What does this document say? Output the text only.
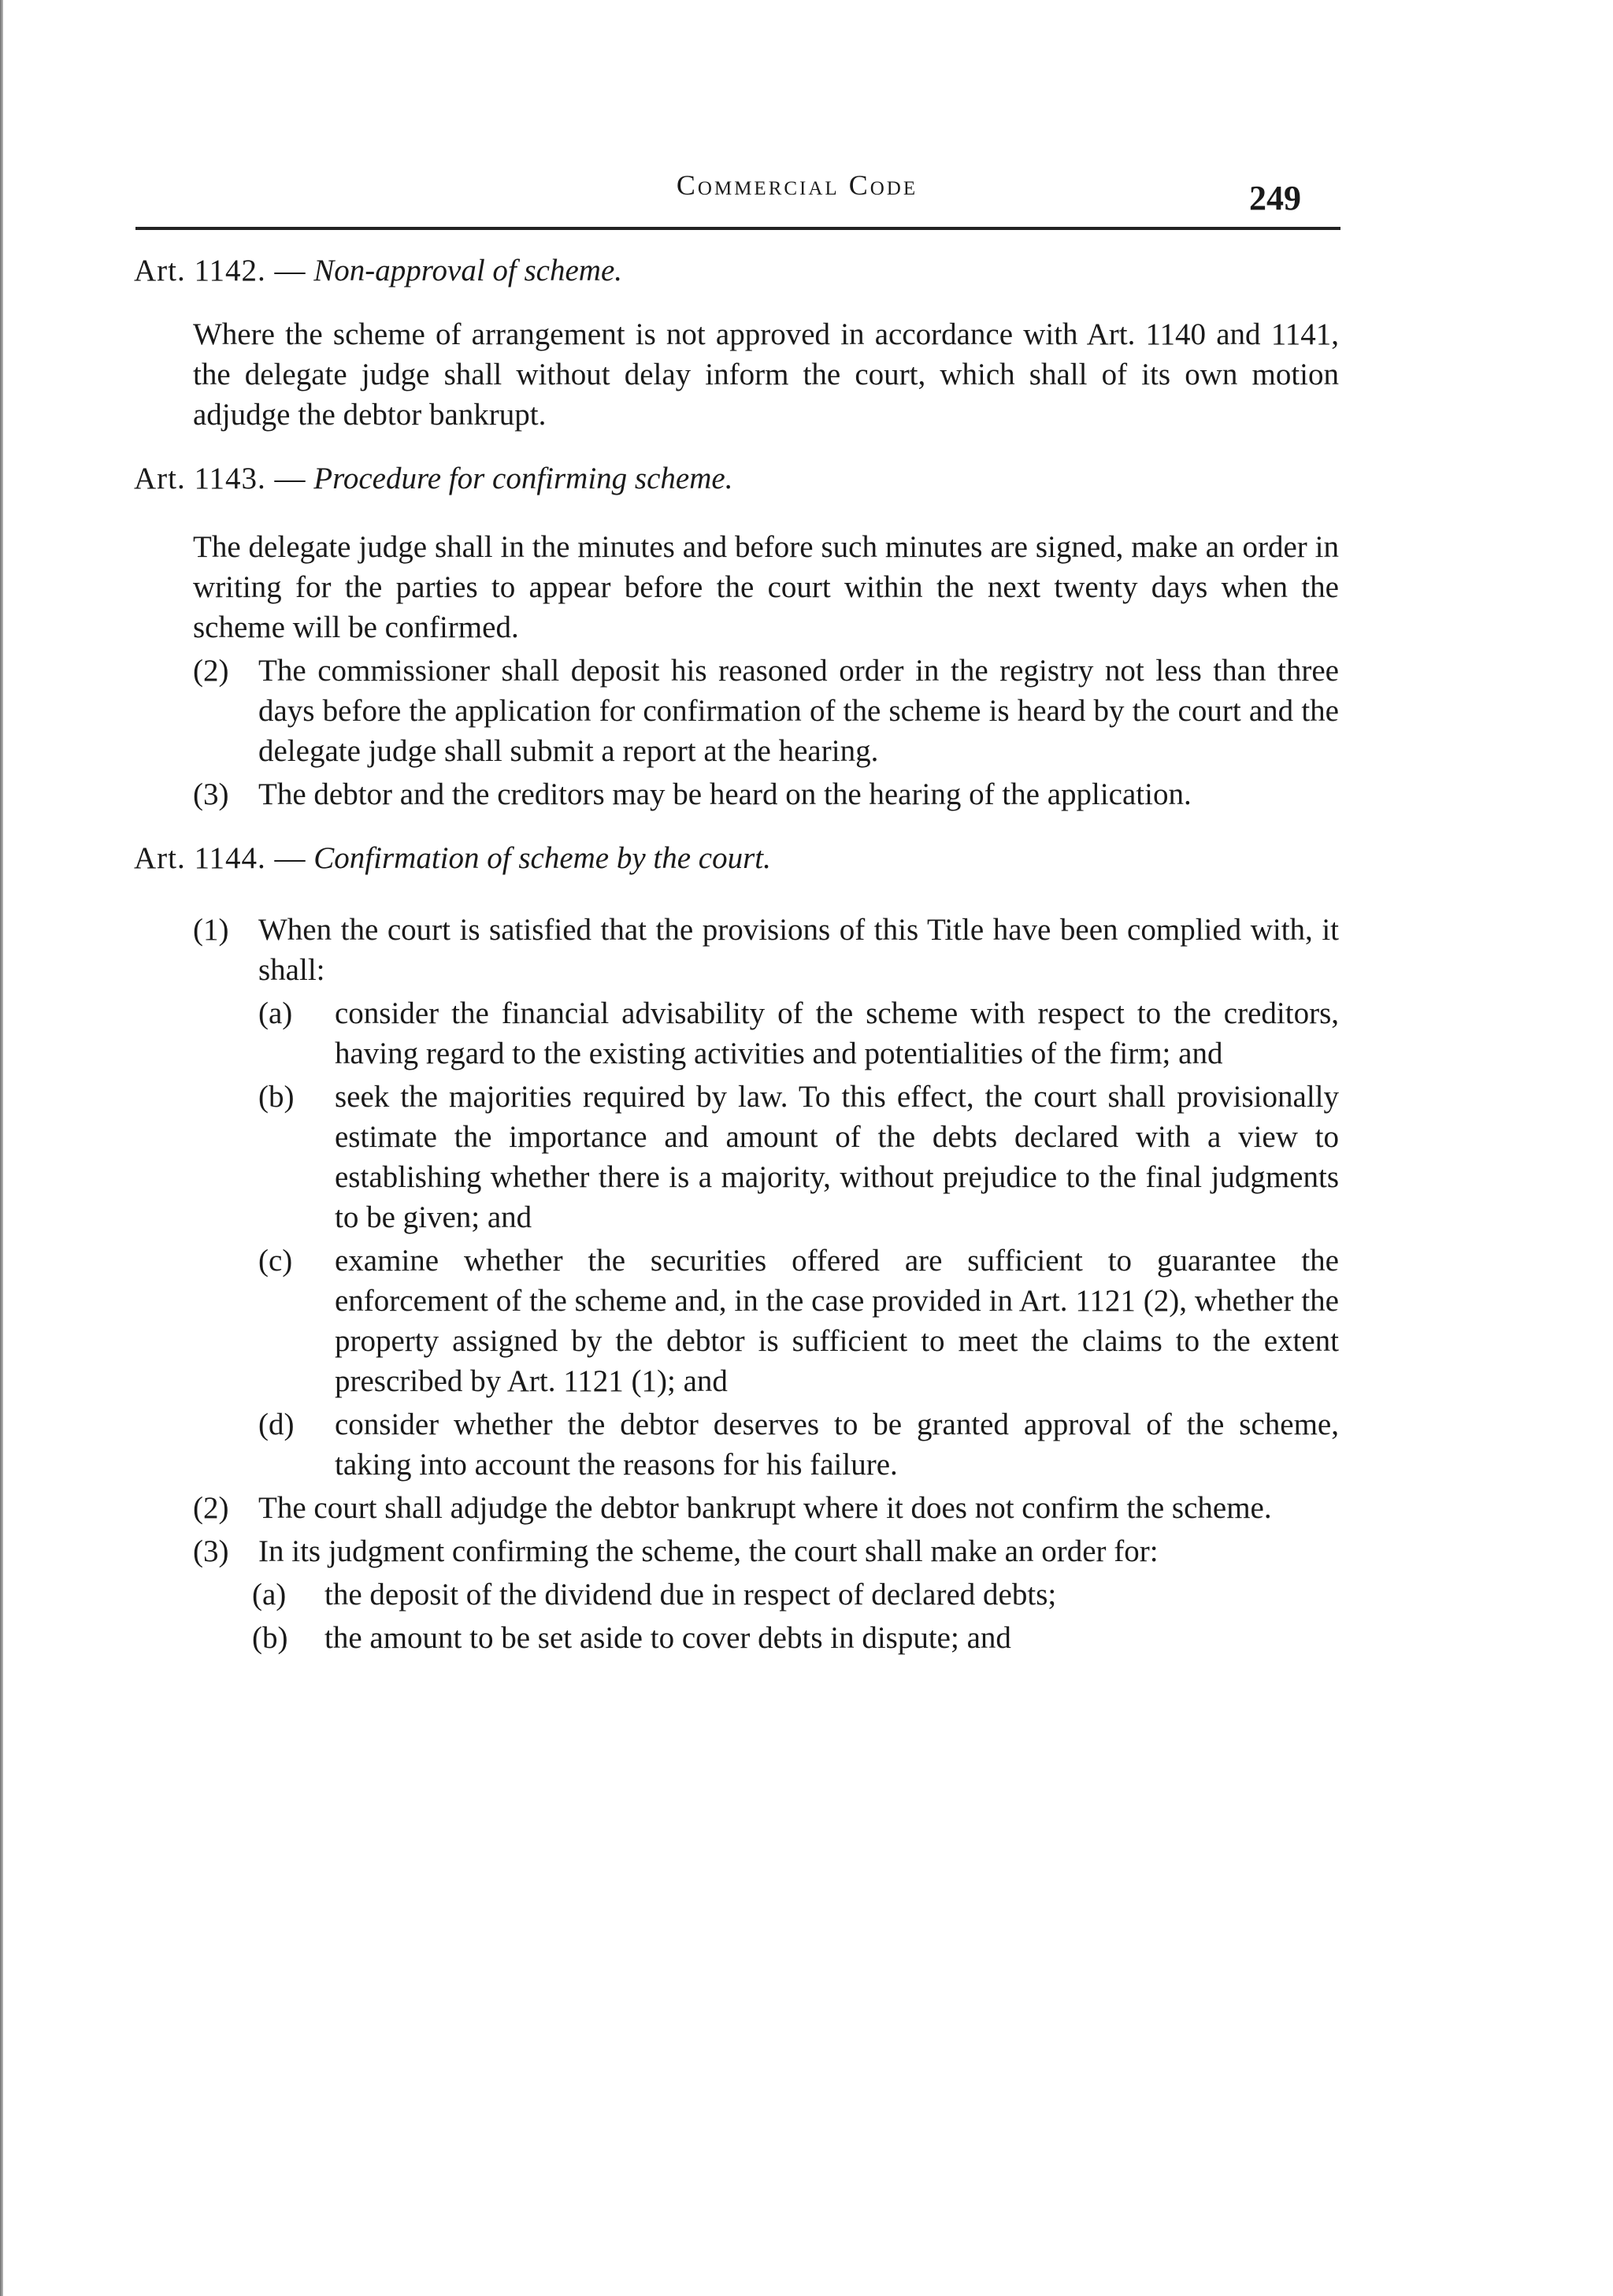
Commercial Code	249
Art. 1142. — Non-approval of scheme.

Where the scheme of arrangement is not approved in accordance with Art. 1140 and 1141, the delegate judge shall without delay inform the court, which shall of its own motion adjudge the debtor bankrupt.

Art. 1143. — Procedure for confirming scheme.

The delegate judge shall in the minutes and before such minutes are signed, make an order in writing for the parties to appear before the court within the next twenty days when the scheme will be confirmed.

(2) The commissioner shall deposit his reasoned order in the registry not less than three days before the application for confirmation of the scheme is heard by the court and the delegate judge shall submit a report at the hearing.
(3) The debtor and the creditors may be heard on the hearing of the application.
Art. 1144. — Confirmation of scheme by the court.
(1) When the court is satisfied that the provisions of this Title have been complied with, it shall:
(a) consider the financial advisability of the scheme with respect to the creditors, having regard to the existing activities and potentialities of the firm; and
(b) seek the majorities required by law. To this effect, the court shall provisionally estimate the importance and amount of the debts declared with a view to establishing whether there is a majority, without prejudice to the final judgments to be given; and
(c) examine whether the securities offered are sufficient to guarantee the enforcement of the scheme and, in the case provided in Art. 1121 (2), whether the property assigned by the debtor is sufficient to meet the claims to the extent prescribed by Art. 1121 (1); and
(d) consider whether the debtor deserves to be granted approval of the scheme, taking into account the reasons for his failure.
(2) The court shall adjudge the debtor bankrupt where it does not confirm the scheme.
(3) In its judgment confirming the scheme, the court shall make an order for:
(a) the deposit of the dividend due in respect of declared debts;
(b) the amount to be set aside to cover debts in dispute; and
